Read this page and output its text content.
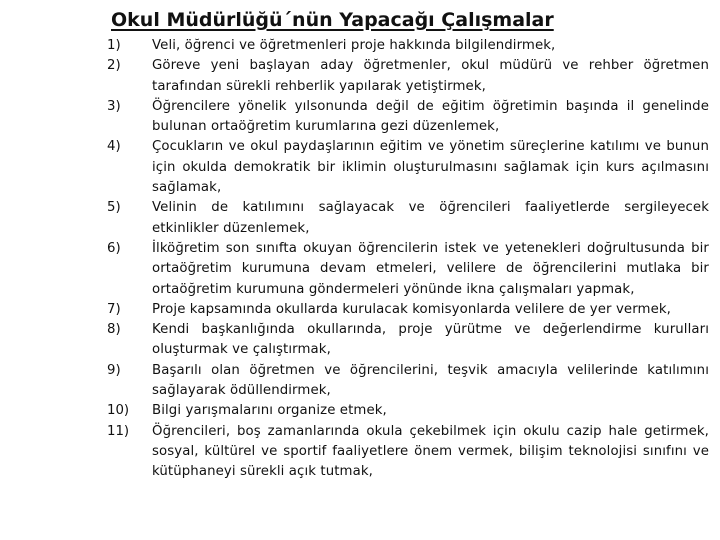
Okul Müdürlüğü´nün Yapacağı Çalışmalar
1)	Veli, öğrenci ve öğretmenleri proje hakkında bilgilendirmek,
2)	Göreve yeni başlayan aday öğretmenler, okul müdürü ve rehber öğretmen tarafından sürekli rehberlik yapılarak yetiştirmek,
3)	Öğrencilere yönelik yılsonunda değil de eğitim öğretimin başında il genelinde bulunan ortaöğretim kurumlarına gezi düzenlemek,
4)	Çocukların ve okul paydaşlarının eğitim ve yönetim süreçlerine katılımı ve bunun için okulda demokratik bir iklimin oluşturulmasını sağlamak için kurs açılmasını sağlamak,
5)	Velinin de katılımını sağlayacak ve öğrencileri faaliyetlerde sergileyecek etkinlikler düzenlemek,
6)	İlköğretim son sınıfta okuyan öğrencilerin istek ve yetenekleri doğrultusunda bir ortaöğretim kurumuna devam etmeleri, velilere de öğrencilerini mutlaka bir ortaöğretim kurumuna göndermeleri yönünde ikna çalışmaları yapmak,
7)	Proje kapsamında okullarda kurulacak komisyonlarda velilere de yer vermek,
8)	Kendi başkanlığında okullarında, proje yürütme ve değerlendirme kurulları oluşturmak ve çalıştırmak,
9)	Başarılı olan öğretmen ve öğrencilerini, teşvik amacıyla velilerinde katılımını sağlayarak ödüllendirmek,
10)	Bilgi yarışmalarını organize etmek,
11)	Öğrencileri, boş zamanlarında okula çekebilmek için okulu cazip hale getirmek, sosyal, kültürel ve sportif faaliyetlere önem vermek, bilişim teknolojisi sınıfını ve kütüphaneyi sürekli açık tutmak,
